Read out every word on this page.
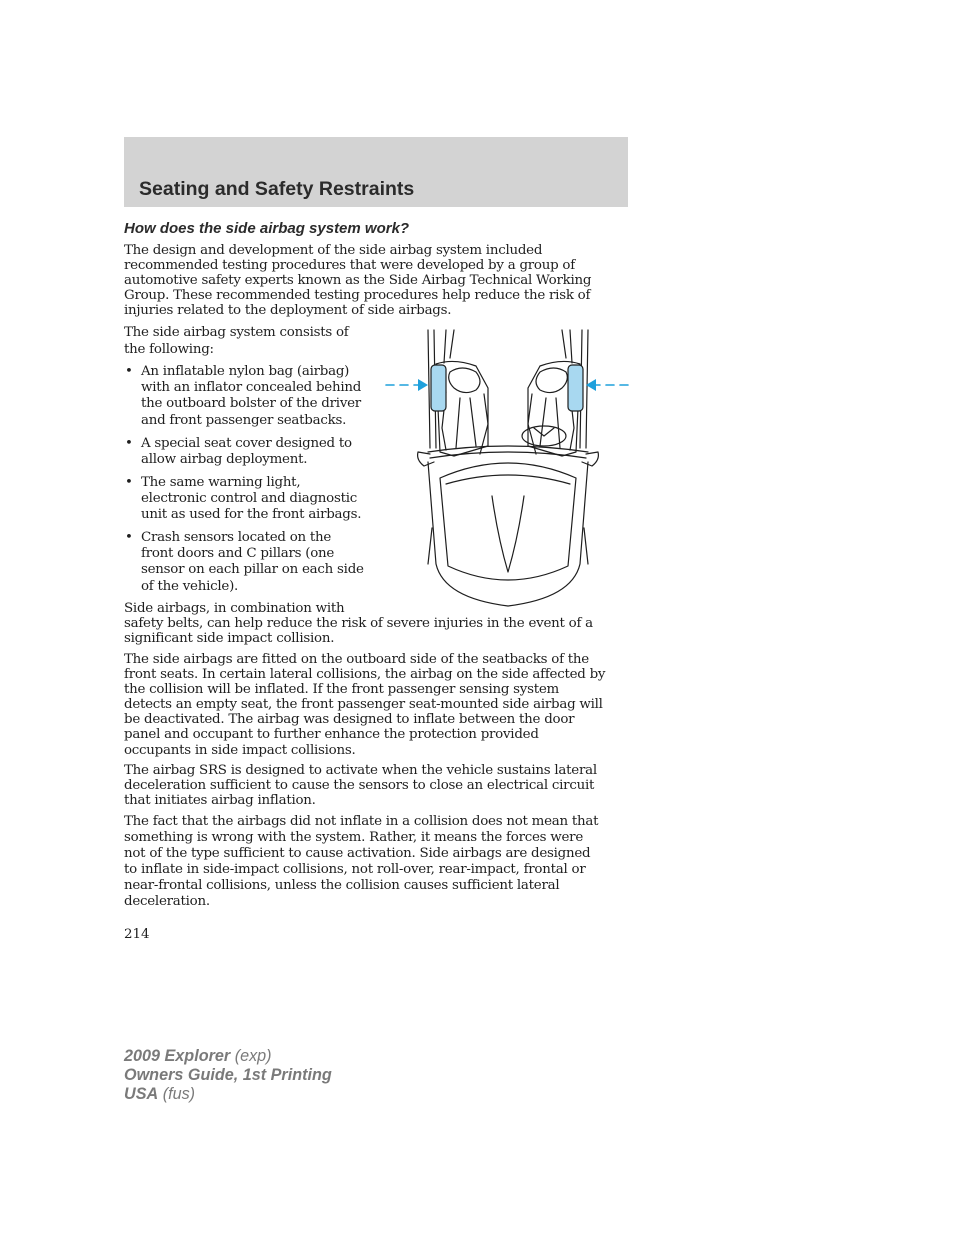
Seating and Safety Restraints
How does the side airbag system work?

The design and development of the side airbag system included
recommended testing procedures that were developed by a group of
automotive safety experts known as the Side Airbag Technical Working
Group. These recommended testing procedures help reduce the risk of
injuries related to the deployment of side airbags.

The side airbag system consists of
the following:

• An inflatable nylon bag (airbag)
with an inflator concealed behind
the outboard bolster of the driver
and front passenger seatbacks.
• A special seat cover designed to
allow airbag deployment.
• The same warning light,
electronic control and diagnostic
unit as used for the front airbags.
• Crash sensors located on the
front doors and C pillars (one
sensor on each pillar on each side
of the vehicle).

Side airbags, in combination with
safety belts, can help reduce the risk of severe injuries in the event of a
significant side impact collision.

The side airbags are fitted on the outboard side of the seatbacks of the
front seats. In certain lateral collisions, the airbag on the side affected by
the collision will be inflated. If the front passenger sensing system
detects an empty seat, the front passenger seat-mounted side airbag will
be deactivated. The airbag was designed to inflate between the door
panel and occupant to further enhance the protection provided
occupants in side impact collisions.

The airbag SRS is designed to activate when the vehicle sustains lateral
deceleration sufficient to cause the sensors to close an electrical circuit
that initiates airbag inflation.

The fact that the airbags did not inflate in a collision does not mean that
something is wrong with the system. Rather, it means the forces were
not of the type sufficient to cause activation. Side airbags are designed
to inflate in side-impact collisions, not roll-over, rear-impact, frontal or
near-frontal collisions, unless the collision causes sufficient lateral
deceleration.

214

2009 Explorer (exp)
Owners Guide, 1st Printing
USA (fus)
